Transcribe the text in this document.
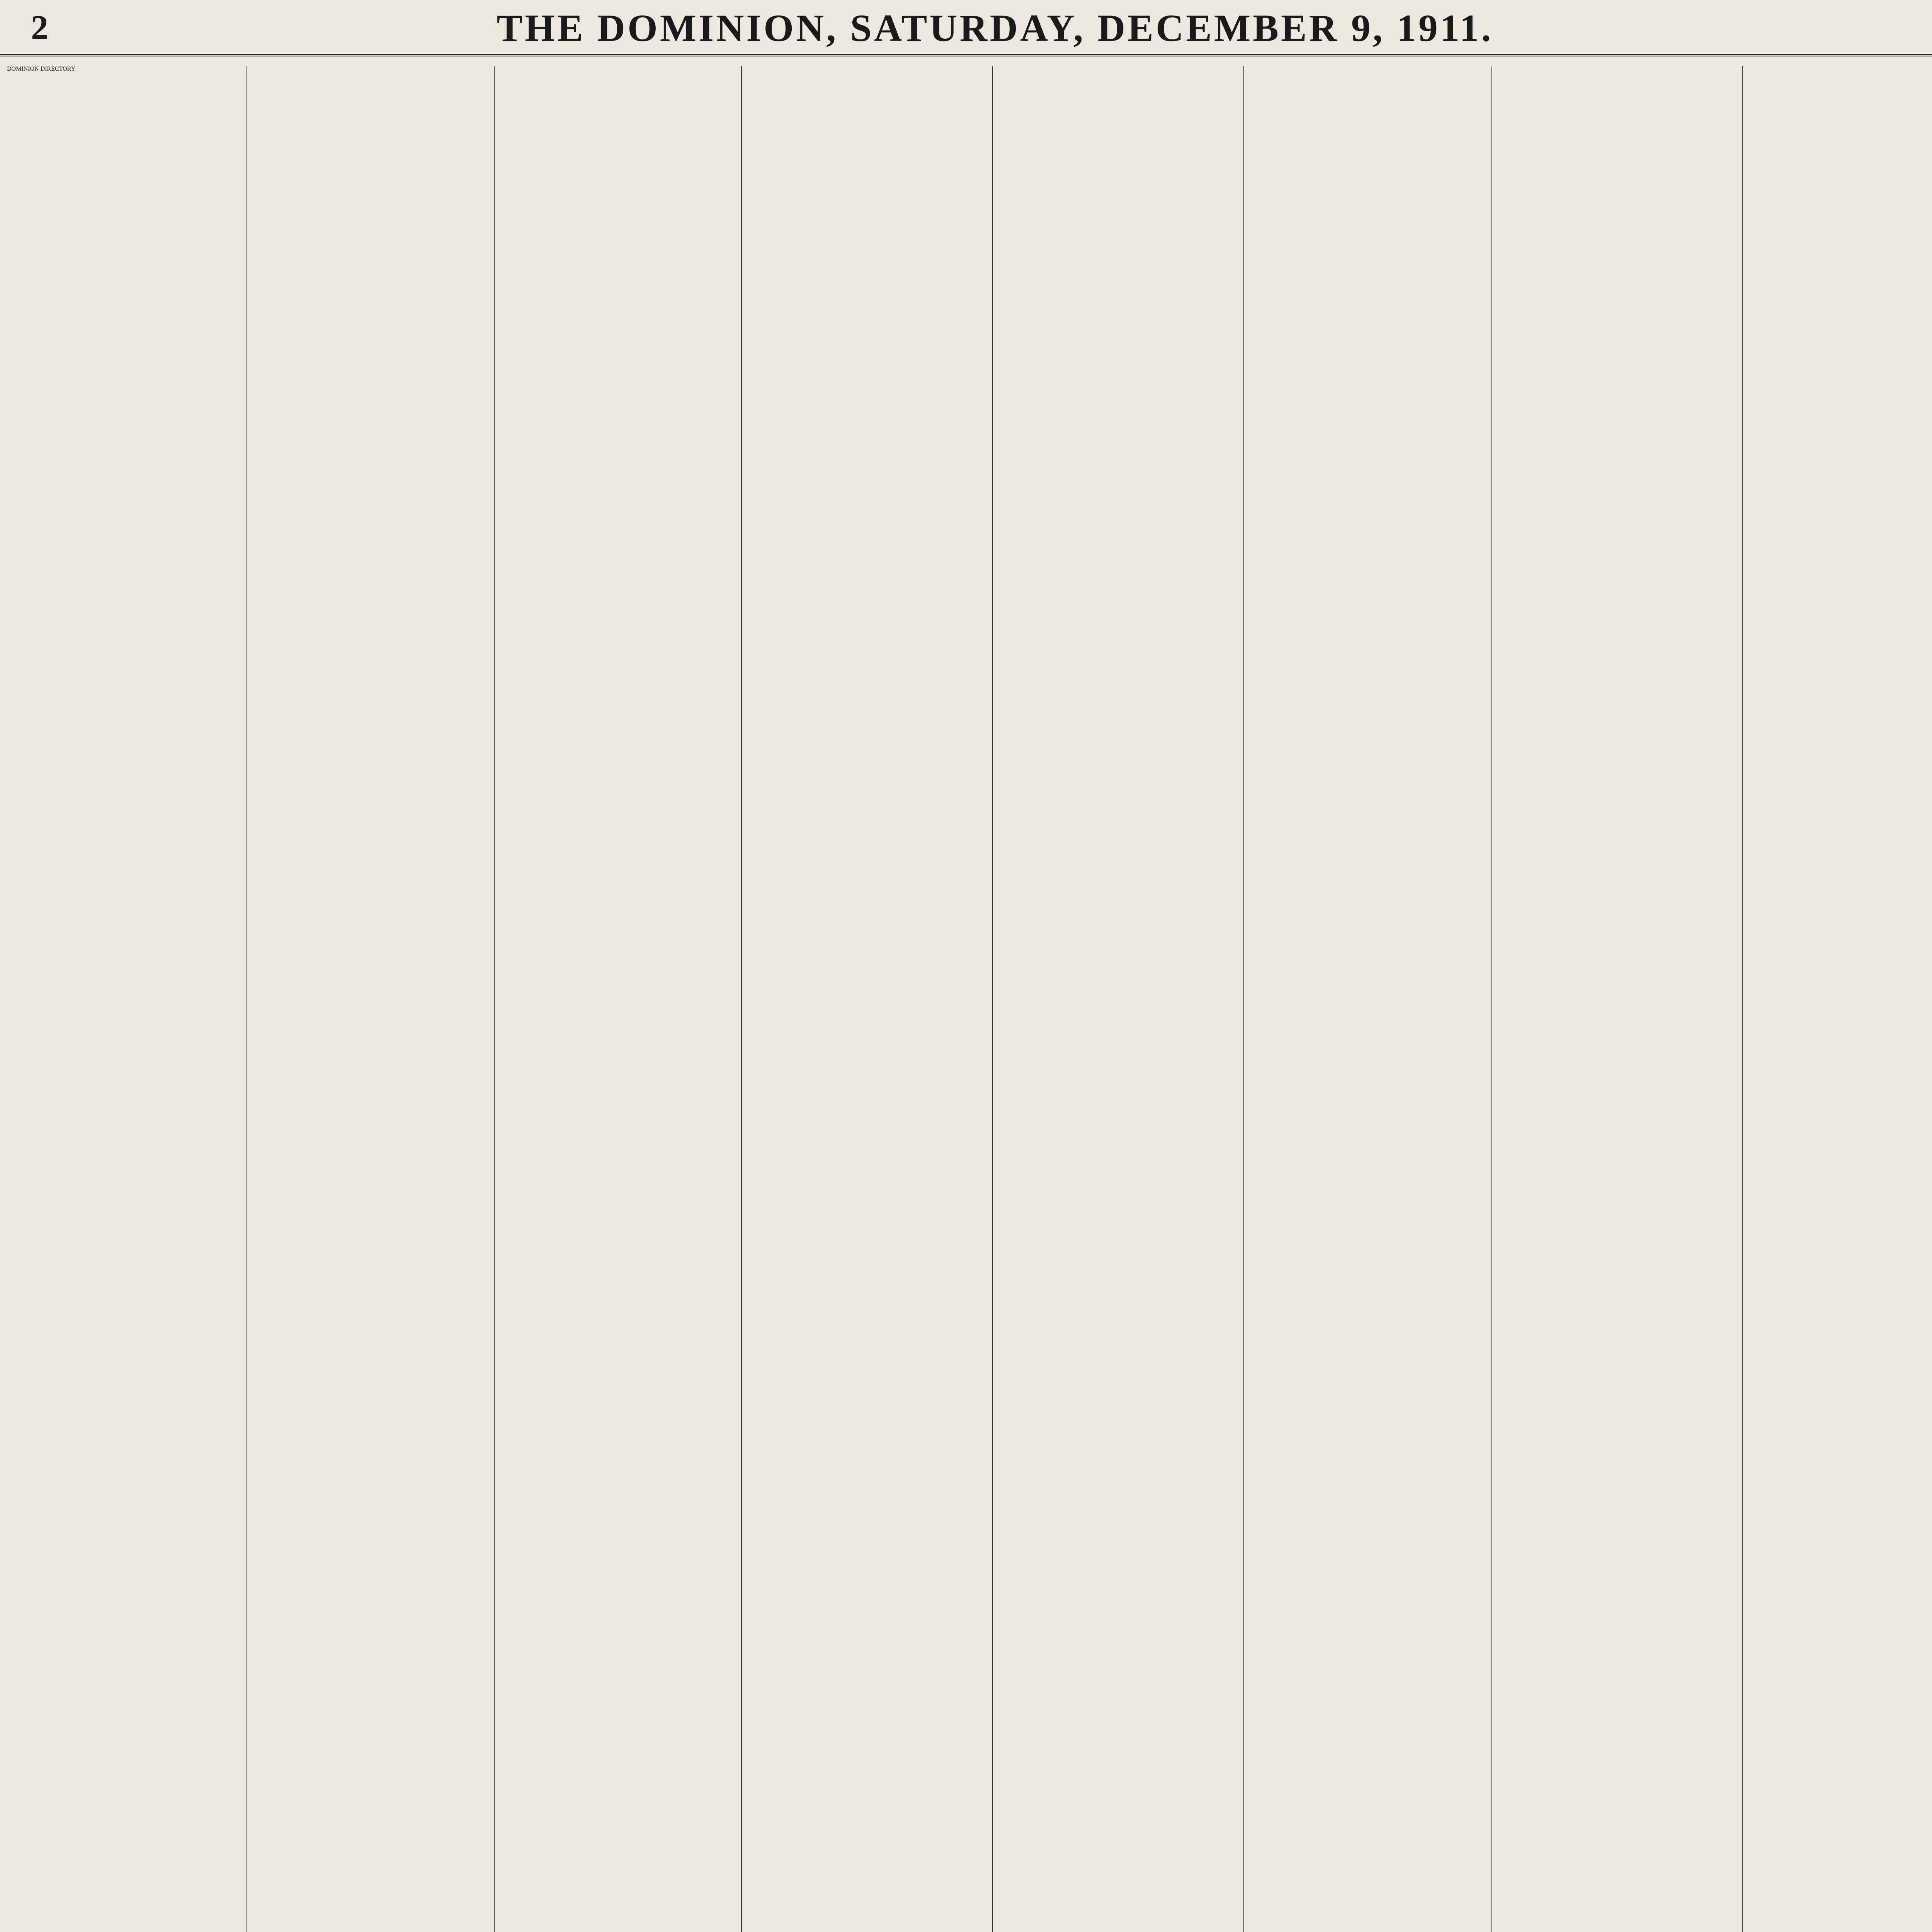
2	THE DOMINION, SATURDAY, DECEMBER 9, 1911.
DOMINION DIRECTORY
